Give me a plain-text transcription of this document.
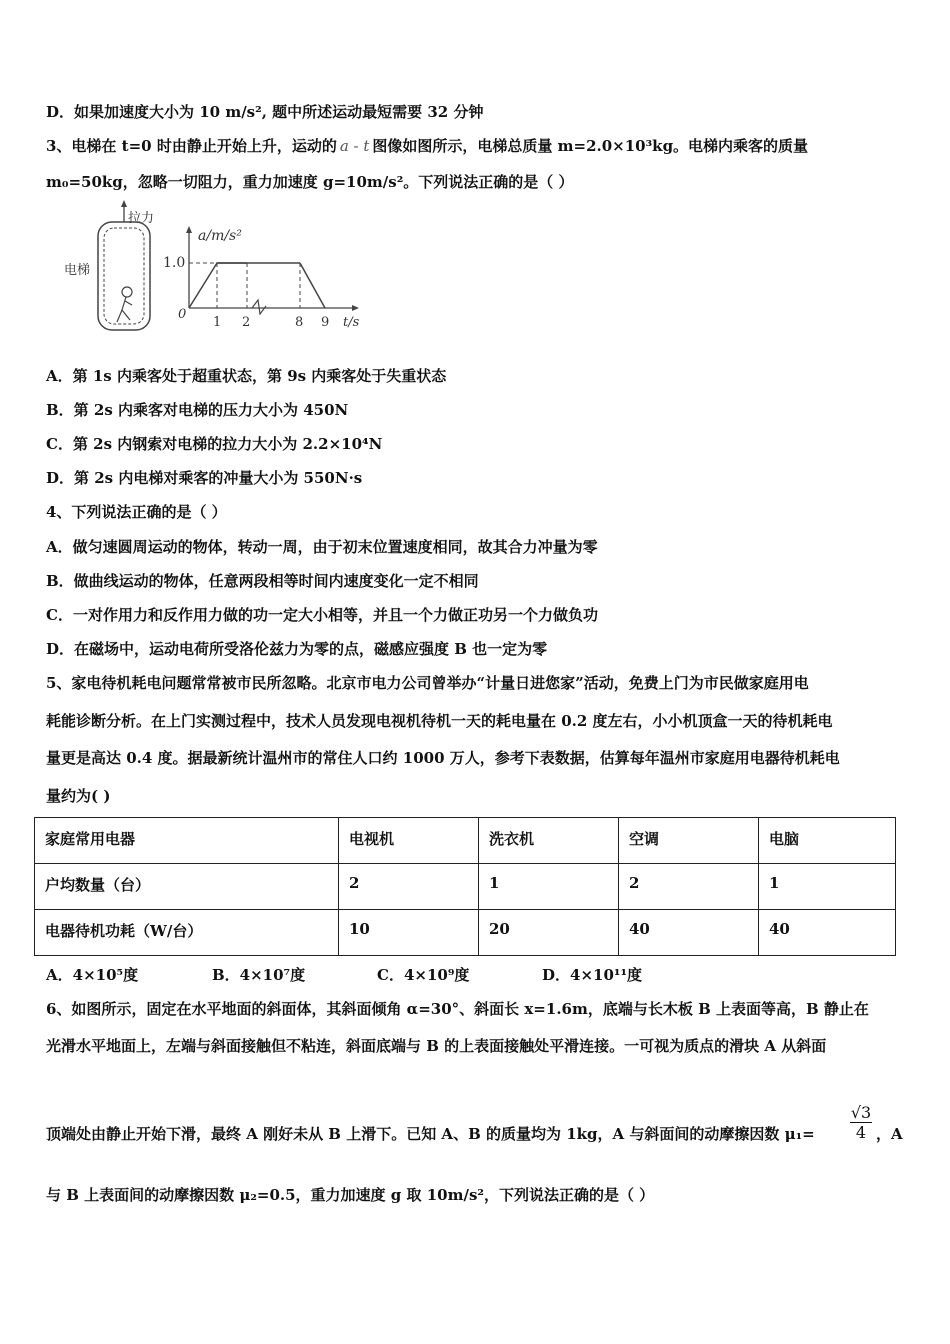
D．如果加速度大小为 10 m/s², 题中所述运动最短需要 32 分钟
3、电梯在 t=0 时由静止开始上升，运动的 a - t 图像如图所示，电梯总质量 m=2.0×10³kg。电梯内乘客的质量
m₀=50kg，忽略一切阻力，重力加速度 g=10m/s²。下列说法正确的是（ ）
拉力
电梯
a/m/s²
t/s
0
1.0
1 2	8 9
A．第 1s 内乘客处于超重状态，第 9s 内乘客处于失重状态
B．第 2s 内乘客对电梯的压力大小为 450N
C．第 2s 内钢索对电梯的拉力大小为 2.2×10⁴N
D．第 2s 内电梯对乘客的冲量大小为 550N·s
4、下列说法正确的是（ ）
A．做匀速圆周运动的物体，转动一周，由于初末位置速度相同，故其合力冲量为零
B．做曲线运动的物体，任意两段相等时间内速度变化一定不相同
C．一对作用力和反作用力做的功一定大小相等，并且一个力做正功另一个力做负功
D．在磁场中，运动电荷所受洛伦兹力为零的点，磁感应强度 B 也一定为零
5、家电待机耗电问题常常被市民所忽略。北京市电力公司曾举办“计量日进您家”活动，免费上门为市民做家庭用电
耗能诊断分析。在上门实测过程中，技术人员发现电视机待机一天的耗电量在 0.2 度左右，小小机顶盒一天的待机耗电
量更是高达 0.4 度。据最新统计温州市的常住人口约 1000 万人，参考下表数据，估算每年温州市家庭用电器待机耗电
量约为( )
家庭常用电器	电视机	洗衣机	空调	电脑
户均数量（台）	2	1	2	1
电器待机功耗（W/台）	10	20	40	40
A．4×10⁵度	B．4×10⁷度	C．4×10⁹度	D．4×10¹¹度
6、如图所示，固定在水平地面的斜面体，其斜面倾角 α=30°、斜面长 x=1.6m，底端与长木板 B 上表面等高，B 静止在
光滑水平地面上，左端与斜面接触但不粘连，斜面底端与 B 的上表面接触处平滑连接。一可视为质点的滑块 A 从斜面
顶端处由静止开始下滑，最终 A 刚好未从 B 上滑下。已知 A、B 的质量均为 1kg，A 与斜面间的动摩擦因数 $\mu_1= \frac{√3}{4}$ ，A
与 B 上表面间的动摩擦因数 μ₂=0.5，重力加速度 g 取 10m/s²，下列说法正确的是（ ）
